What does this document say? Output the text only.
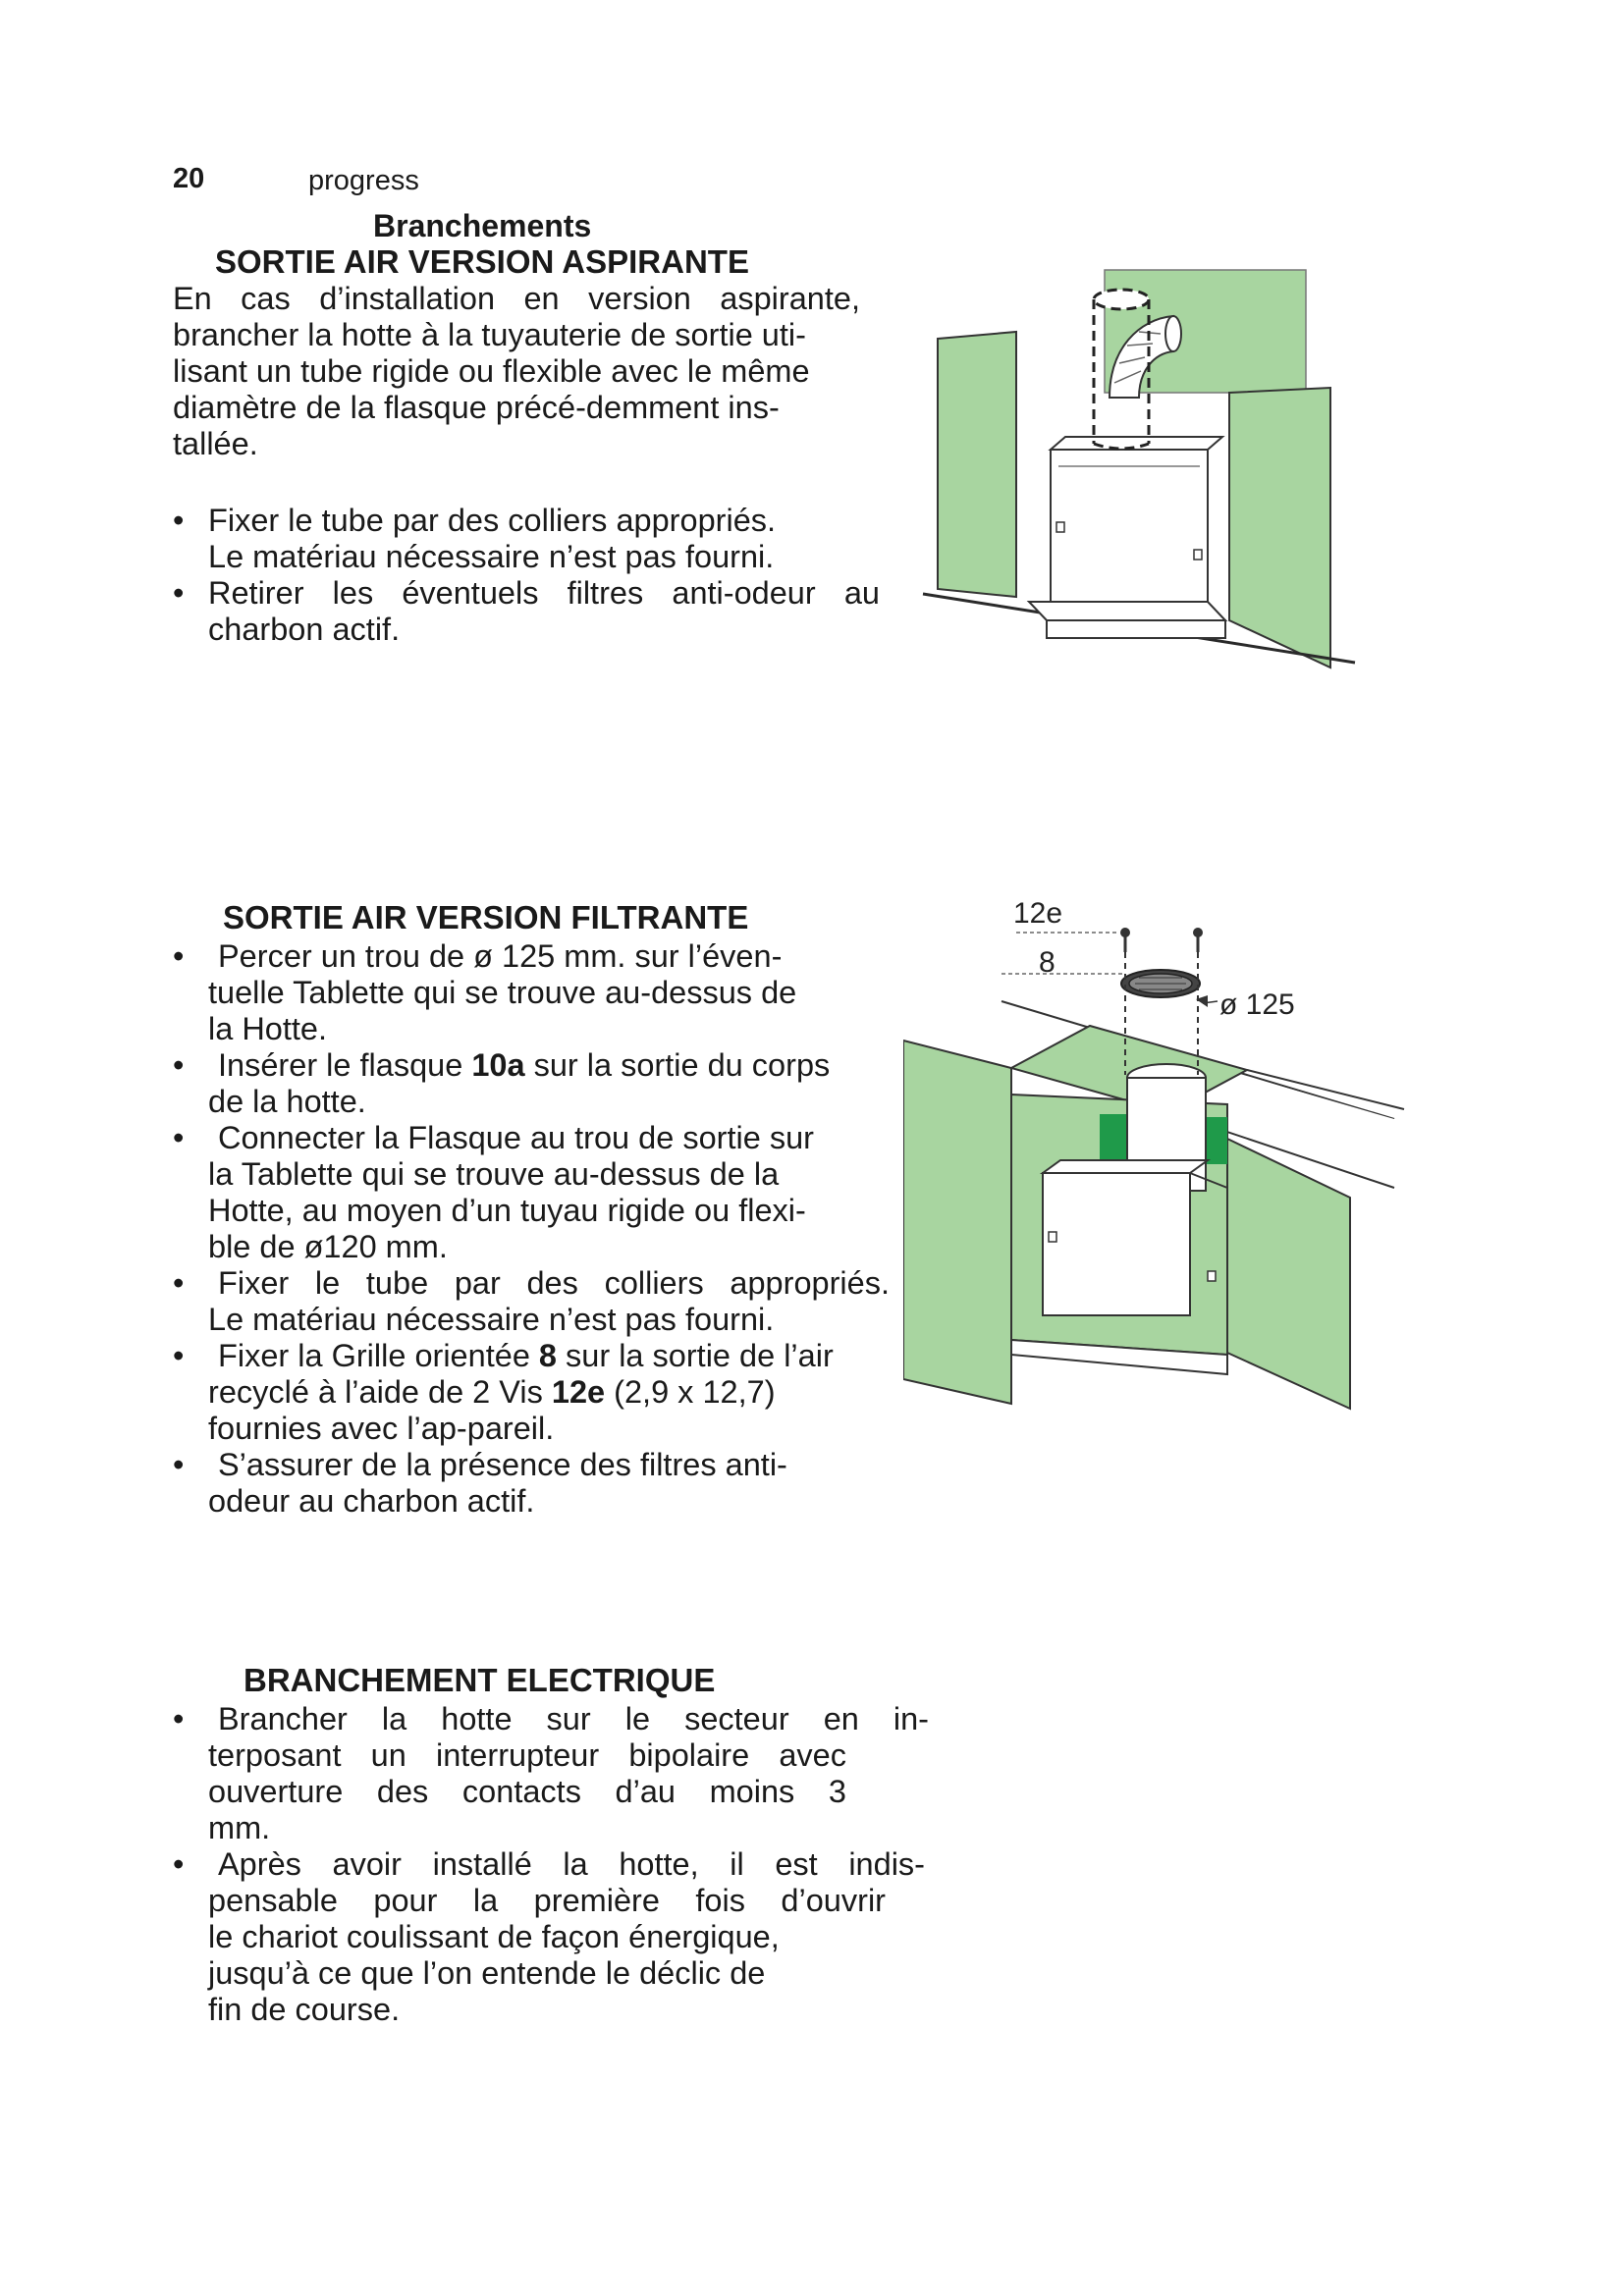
20	progress
Branchements
SORTIE AIR VERSION ASPIRANTE
En cas d’installation en version aspirante,
brancher la hotte à la tuyauterie de sortie uti-
lisant un tube rigide ou flexible avec le même
diamètre de la flasque précé-demment ins-
tallée.
• Fixer le tube par des colliers appropriés.
Le matériau nécessaire n’est pas fourni.
• Retirer les éventuels filtres anti-odeur au
charbon actif.
SORTIE AIR VERSION FILTRANTE
•	Percer un trou de ø 125 mm. sur l’éven-
tuelle Tablette qui se trouve au-dessus de
la Hotte.
•	Insérer le flasque 10a sur la sortie du corps
de la hotte.
•	Connecter la Flasque au trou de sortie sur
la Tablette qui se trouve au-dessus de la
Hotte, au moyen d’un tuyau rigide ou flexi-
ble de ø120 mm.
•	Fixer le tube par des colliers appropriés.
Le matériau nécessaire n’est pas fourni.
•	Fixer la Grille orientée 8 sur la sortie de l’air
recyclé à l’aide de 2 Vis 12e (2,9 x 12,7)
fournies avec l’ap-pareil.
•	S’assurer de la présence des filtres anti-
odeur au charbon actif.
12e
8
ø 125
BRANCHEMENT ELECTRIQUE
•	Brancher la hotte sur le secteur en in-
terposant un interrupteur bipolaire avec
ouverture des contacts d’au moins 3
mm.
•	Après avoir installé la hotte, il est indis-
pensable pour la première fois d’ouvrir
le chariot coulissant de façon énergique,
jusqu’à ce que l’on entende le déclic de
fin de course.
